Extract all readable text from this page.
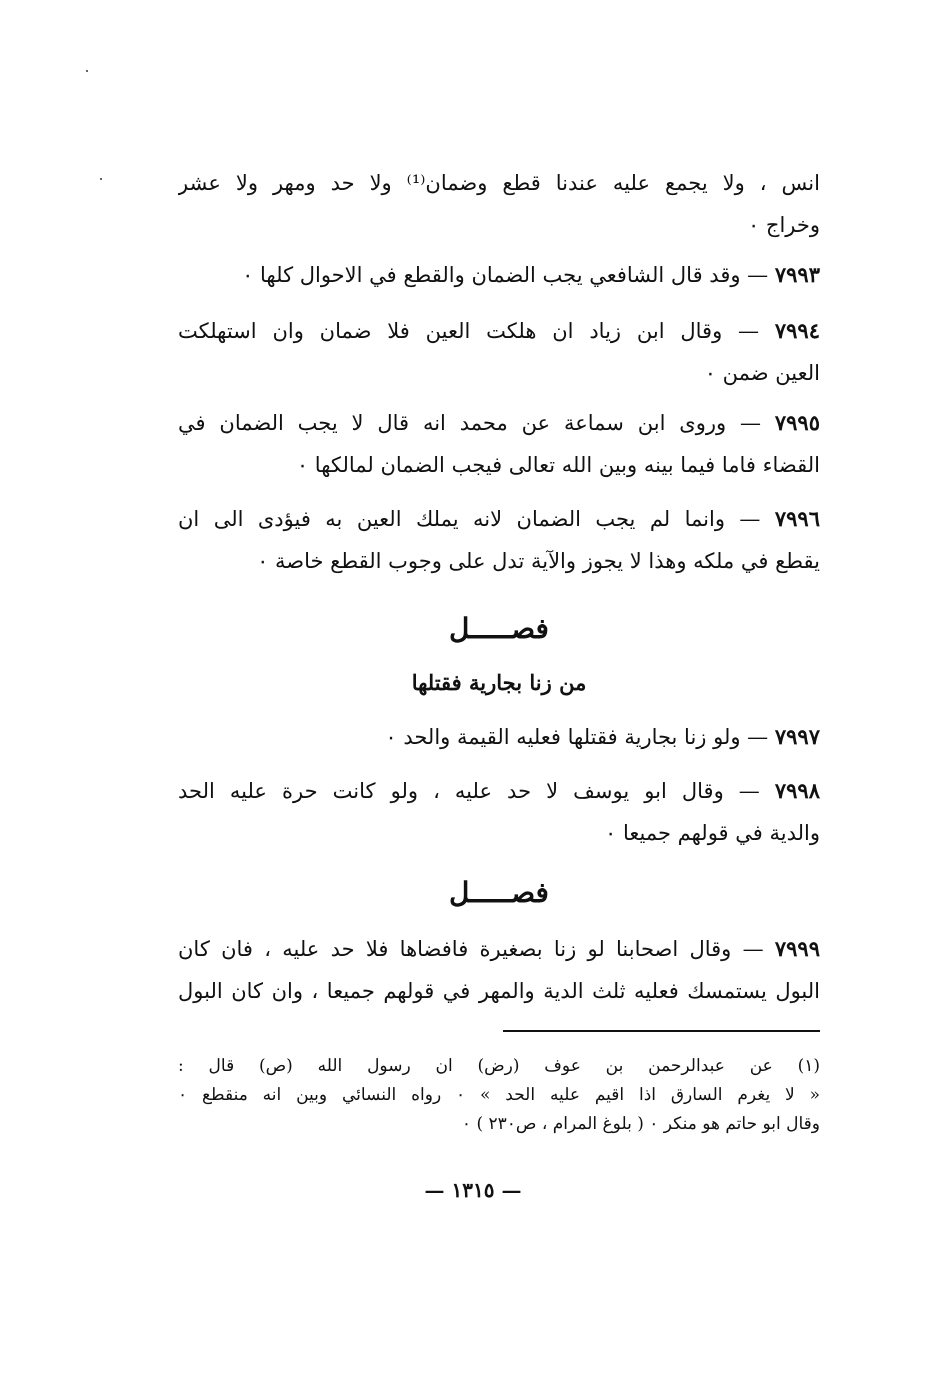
انس ، ولا يجمع عليه عندنا قطع وضمان⁽¹⁾ ولا حد ومهر ولا عشر
وخراج ٠
٧٩٩٣ — وقد قال الشافعي يجب الضمان والقطع في الاحوال كلها ٠
٧٩٩٤ — وقال ابن زياد ان هلكت العين فلا ضمان وان استهلكت
العين ضمن ٠
٧٩٩٥ — وروى ابن سماعة عن محمد انه قال لا يجب الضمان في
القضاء فاما فيما بينه وبين الله تعالى فيجب الضمان لمالكها ٠
٧٩٩٦ — وانما لم يجب الضمان لانه يملك العين به فيؤدى الى ان
يقطع في ملكه وهذا لا يجوز والآية تدل على وجوب القطع خاصة ٠
فصـــــل
من زنا بجارية فقتلها
٧٩٩٧ — ولو زنا بجارية فقتلها فعليه القيمة والحد ٠
٧٩٩٨ — وقال ابو يوسف لا حد عليه ، ولو كانت حرة عليه الحد
والدية في قولهم جميعا ٠
فصـــــل
٧٩٩٩ — وقال اصحابنا لو زنا بصغيرة فافضاها فلا حد عليه ، فان كان
البول يستمسك فعليه ثلث الدية والمهر في قولهم جميعا ، وان كان البول
(١) عن عبدالرحمن بن عوف (رض) ان رسول الله (ص) قال :
« لا يغرم السارق اذا اقيم عليه الحد » ٠ رواه النسائي وبين انه منقطع ٠
وقال ابو حاتم هو منكر ٠ ( بلوغ المرام ، ص٢٣٠ ) ٠
— ١٣١٥ —
